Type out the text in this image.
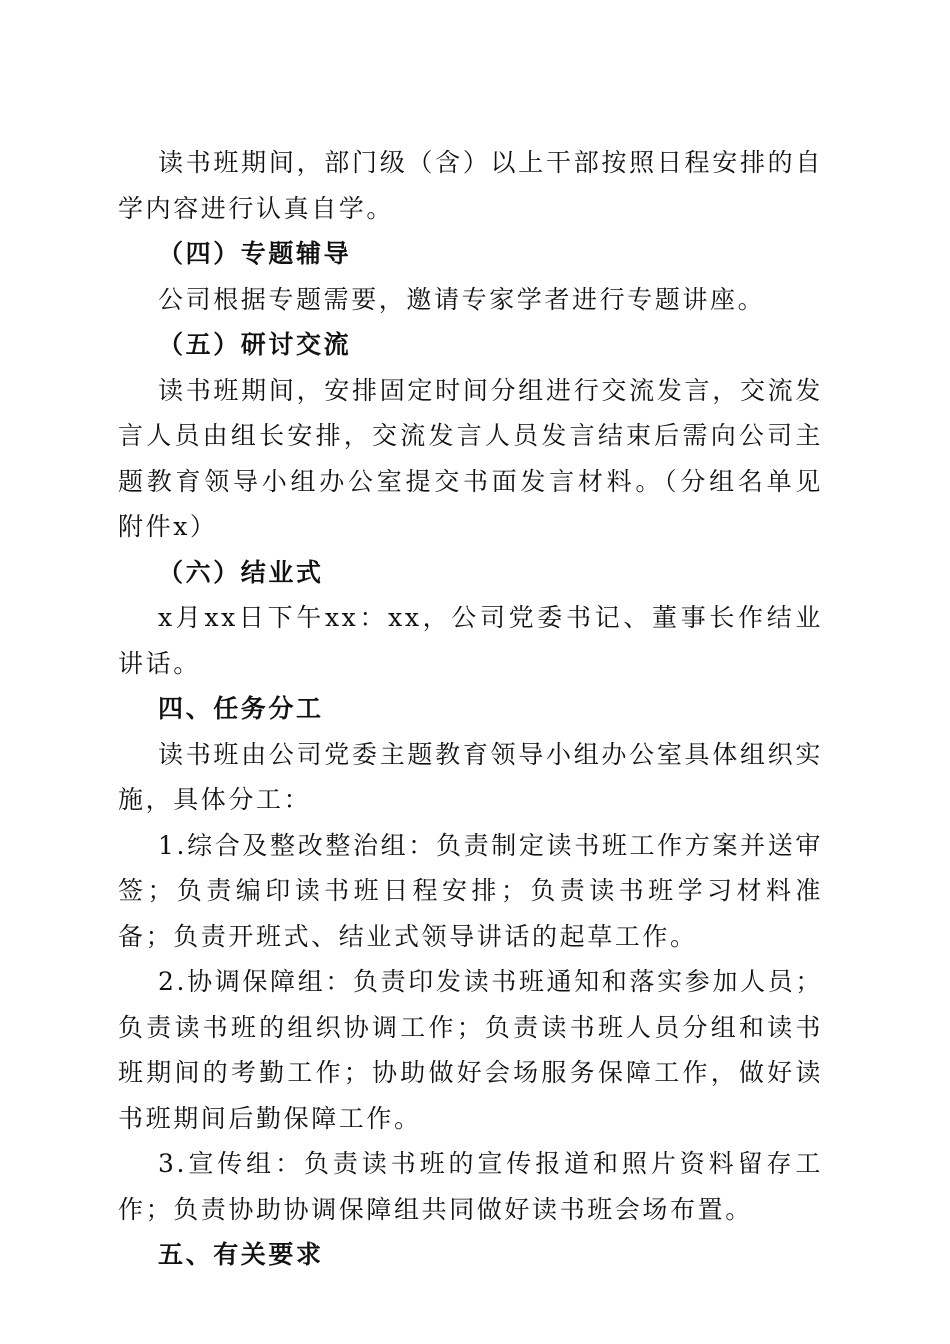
读书班期间，部门级（含）以上干部按照日程安排的自学内容进行认真自学。

（四）专题辅导

公司根据专题需要，邀请专家学者进行专题讲座。

（五）研讨交流

读书班期间，安排固定时间分组进行交流发言，交流发言人员由组长安排，交流发言人员发言结束后需向公司主题教育领导小组办公室提交书面发言材料。（分组名单见附件x）

（六）结业式

x月xx日下午xx：xx，公司党委书记、董事长作结业讲话。

四、任务分工

读书班由公司党委主题教育领导小组办公室具体组织实施，具体分工：

1.综合及整改整治组：负责制定读书班工作方案并送审签；负责编印读书班日程安排；负责读书班学习材料准备；负责开班式、结业式领导讲话的起草工作。

2.协调保障组：负责印发读书班通知和落实参加人员；负责读书班的组织协调工作；负责读书班人员分组和读书班期间的考勤工作；协助做好会场服务保障工作，做好读书班期间后勤保障工作。

3.宣传组：负责读书班的宣传报道和照片资料留存工作；负责协助协调保障组共同做好读书班会场布置。

五、有关要求
